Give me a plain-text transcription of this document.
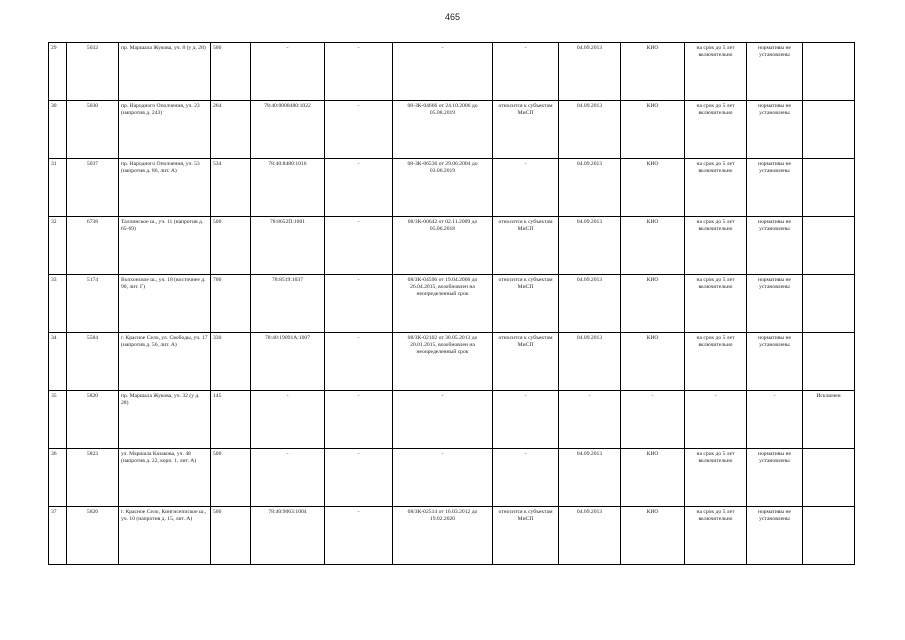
465
29	5032	пр. Маршала Жукова, уч. 8 (у д. 28)	500	-	-	-	-	04.09.2013	КИО	на срок до 5 лет включительно	нормативы не установлены	
30	5030	пр. Народного Ополчения, уч. 23 (напротив д. 243)	264	78:40:0008480:1022	-	08-ЗК-04666 от 24.10.2006 до 05.08.2019	относится к субъектам МиСП	04.09.2013	КИО	на срок до 5 лет включительно	нормативы не установлены	
31	5037	пр. Народного Ополчения, уч. 53 (напротив д. 86, лит. А)	534	78:40:8480:1016	-	08-ЗК-06536 от 29.06.2004 до 03.06.2019	-	04.09.2013	КИО	на срок до 5 лет включительно	нормативы не установлены	
32	6738	Таллинское ш., уч. 11 (напротив д. 65-69)	500	78:8652П:1001	-	08/ЗК-00642 от 02.11.2009 до 05.06.2018	относится к субъектам МиСП	04.09.2013	КИО	на срок до 5 лет включительно	нормативы не установлены	
33	5174	Волхонское ш., уч. 18 (восточнее д. 90, лит. Г)	700	78:8519:1037	-	08/ЗК-04596 от 19.04.2006 до 26.04.2015, возобновлен на неопределенный срок	относится к субъектам МиСП	04.09.2013	КИО	на срок до 5 лет включительно	нормативы не установлены	
34	5584	г. Красное Село, ул. Свободы, уч. 17 (напротив д. 56, лит. А)	330	78:40:19091А:1007	-	08/ЗК-02102 от 30.05.2013 до 20.01.2015, возобновлен на неопределенный срок	относится к субъектам МиСП	04.09.2013	КИО	на срок до 5 лет включительно	нормативы не установлены	
35	5820	пр. Маршала Жукова, уч. 32 (у д. 28)	145	-	-	-	-	-	-	-	-	Исключен
36	5823	ул. Маршала Казакова, уч. 48 (напротив д. 22, корп. 1, лит. А)	500	-	-	-	-	04.09.2013	КИО	на срок до 5 лет включительно	нормативы не установлены	
37	5826	г. Красное Село, Кингисеппское ш., уч. 10 (напротив д. 15, лит. А)	500	78:40:9063:1004	-	08/ЗК-02514 от 16.03.2012 до 19.02.2020	относится к субъектам МиСП	04.09.2013	КИО	на срок до 5 лет включительно	нормативы не установлены	
